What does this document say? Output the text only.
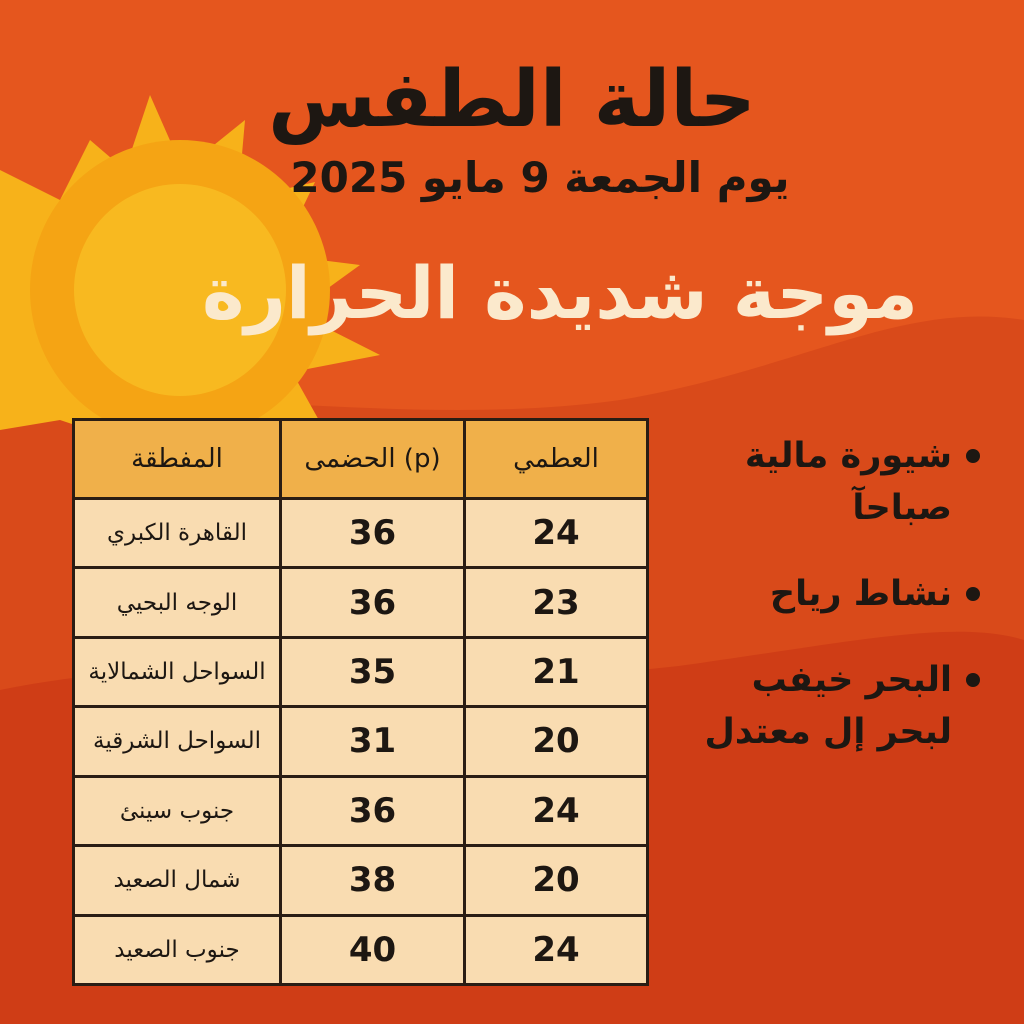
حالة الطفس
يوم الجمعة 9 مايو 2025
موجة شديدة الحرارة
المفطقة	(p) الحضمى	العطمي
القاهرة الكبري	36	24
الوجه البحيي	36	23
السواحل الشمالاية	35	21
السواحل الشرقية	31	20
جنوب سينئ	36	24
شمال الصعيد	38	20
جنوب الصعيد	40	24
شيورة مالية صباحآ
نشاط رياح
البحر خيفب لبحر إل معتدل
